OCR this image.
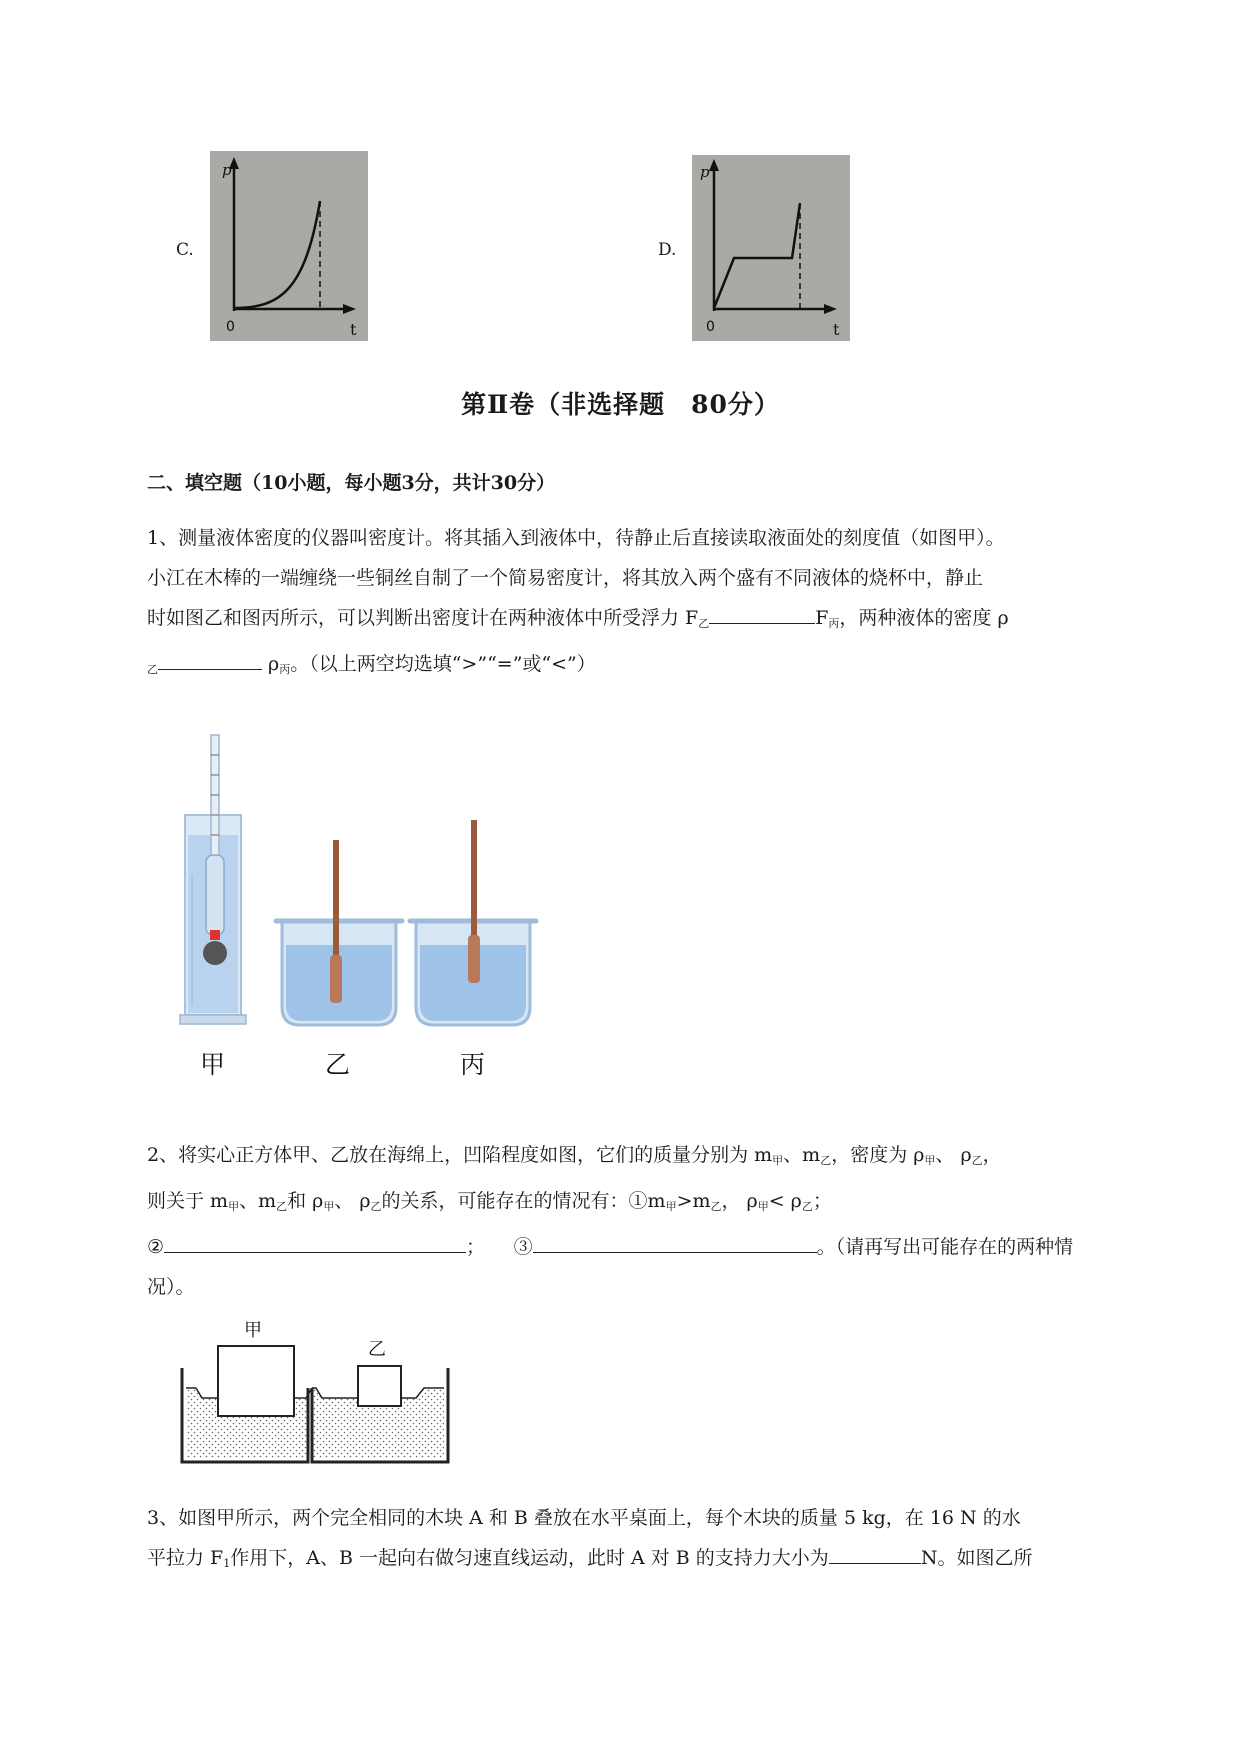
C.
p
0	t
D.
p
0	t
第Ⅱ卷（非选择题　80分）
二、填空题（10小题，每小题3分，共计30分）
1、测量液体密度的仪器叫密度计。将其插入到液体中，待静止后直接读取液面处的刻度值（如图甲）。
小江在木棒的一端缠绕一些铜丝自制了一个简易密度计，将其放入两个盛有不同液体的烧杯中，静止
时如图乙和图丙所示，可以判断出密度计在两种液体中所受浮力 $F_乙$	$F_丙$，两种液体的密度 ρ
$_乙$	$\rho_丙$。（以上两空均选填“>”“=”或“<”）
甲	乙	丙
2、将实心正方体甲、乙放在海绵上，凹陷程度如图，它们的质量分别为 $m_甲$、$m_乙$，密度为 $\rho_甲$、 $\rho_乙$，
则关于 $m_甲$、$m_乙$和 $\rho_甲$、 $\rho_乙$的关系，可能存在的情况有：$①m_甲>m_乙$， $\rho_甲< \rho_乙$；
②	；　　 ③	。（请再写出可能存在的两种情
况）。
甲
乙
3、如图甲所示，两个完全相同的木块 A 和 B 叠放在水平桌面上，每个木块的质量 5 kg，在 16 N 的水
平拉力 $F_1$作用下，A、B 一起向右做匀速直线运动，此时 A 对 B 的支持力大小为	N。如图乙所
